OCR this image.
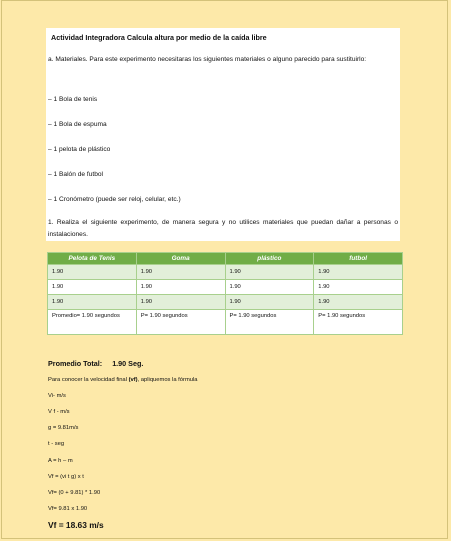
Actividad Integradora Calcula altura por medio de la caída libre
a. Materiales. Para este experimento necesitaras los siguientes materiales o alguno parecido para sustituirlo:
– 1 Bola de tenis
– 1 Bola de espuma
– 1 pelota de plástico
– 1 Balón de futbol
– 1 Cronómetro (puede ser reloj, celular, etc.)
1. Realiza el siguiente experimento, de manera segura y no utilices materiales que puedan dañar a personas o instalaciones.
Pelota de Tenis	Goma	plástico	futbol
1.90	1.90	1.90	1.90
1.90	1.90	1.90	1.90
1.90	1.90	1.90	1.90
Promedio= 1.90 segundos	P= 1.90 segundos	P= 1.90 segundos	P= 1.90 segundos
Promedio Total: 1.90 Seg.
Para conocer la velocidad final (vf), apliquemos la fórmula
Vi- m/s
V f - m/s
g = 9.81m/s
t - seg
A = h – m
Vf = (vi t g) x t
Vf= (0 + 9.81) * 1.90
Vf= 9.81 x 1.90
Vf = 18.63 m/s
